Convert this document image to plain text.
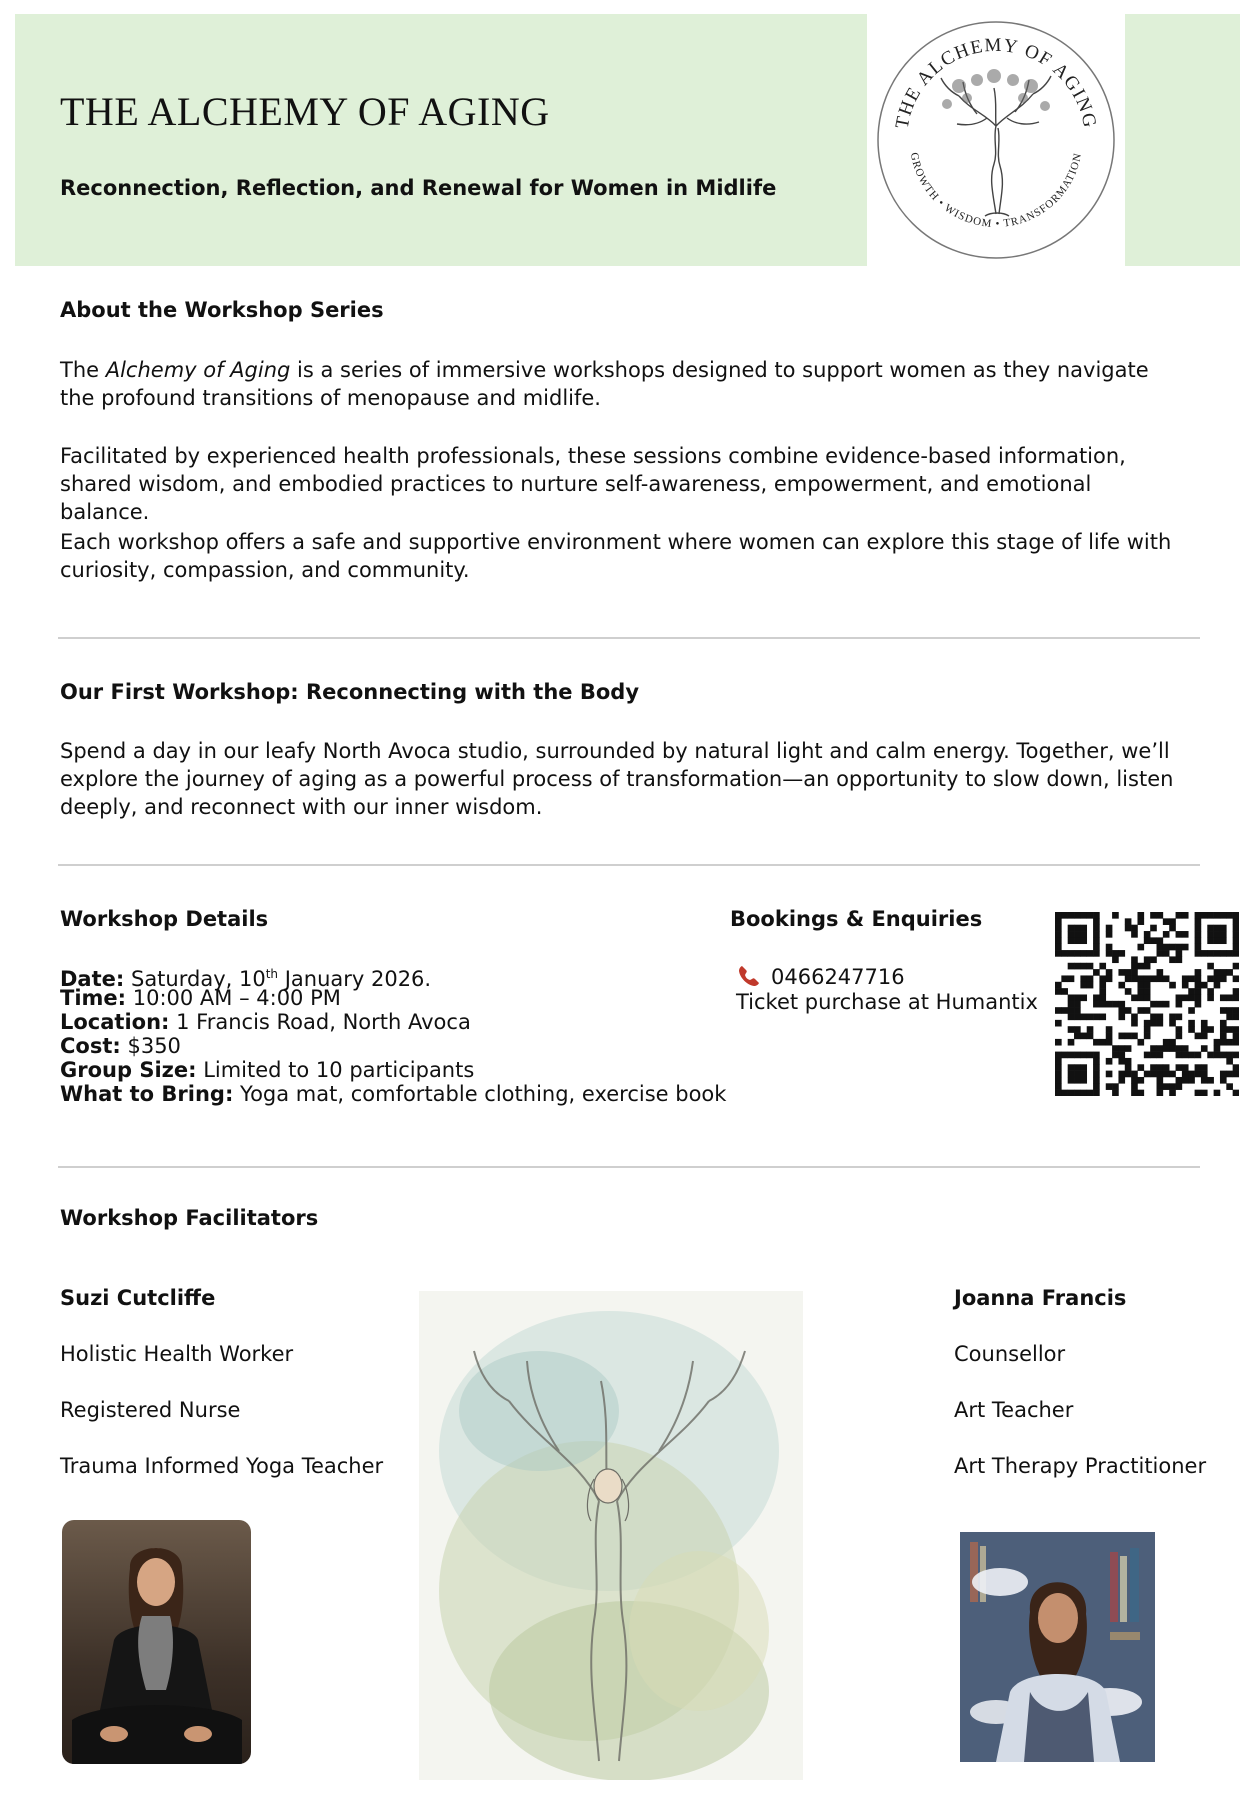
THE ALCHEMY OF AGING
GROWTH • WISDOM • TRANSFORMATION
THE ALCHEMY OF AGING
Reconnection, Reflection, and Renewal for Women in Midlife
About the Workshop Series
The Alchemy of Aging is a series of immersive workshops designed to support women as they navigate the profound transitions of menopause and midlife.
Facilitated by experienced health professionals, these sessions combine evidence-based information, shared wisdom, and embodied practices to nurture self-awareness, empowerment, and emotional balance.
Each workshop offers a safe and supportive environment where women can explore this stage of life with curiosity, compassion, and community.
Our First Workshop: Reconnecting with the Body
Spend a day in our leafy North Avoca studio, surrounded by natural light and calm energy. Together, we’ll explore the journey of aging as a powerful process of transformation—an opportunity to slow down, listen deeply, and reconnect with our inner wisdom.
Workshop Details
Date: Saturday, 10th January 2026.
Time: 10:00 AM – 4:00 PM
Location: 1 Francis Road, North Avoca
Cost: $350
Group Size: Limited to 10 participants
What to Bring: Yoga mat, comfortable clothing, exercise book
Bookings & Enquiries
0466247716
Ticket purchase at Humantix
Workshop Facilitators
Suzi Cutcliffe
Holistic Health Worker
Registered Nurse
Trauma Informed Yoga Teacher
Joanna Francis
Counsellor
Art Teacher
Art Therapy Practitioner
